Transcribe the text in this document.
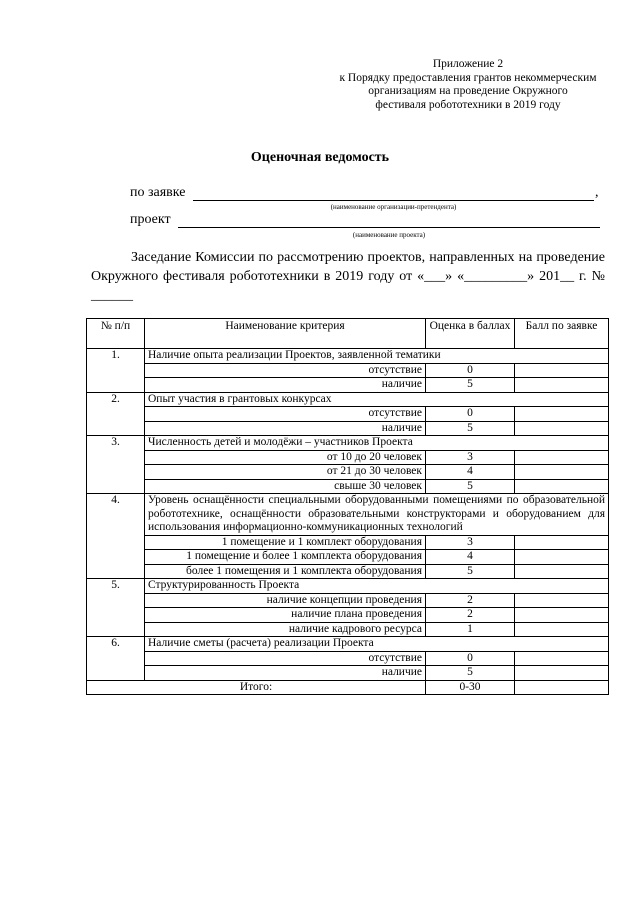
Приложение 2
к Порядку предоставления грантов некоммерческим
организациям на проведение Окружного
фестиваля робототехники в 2019 году
Оценочная ведомость
по заявке	,
(наименование организации-претендента)
проект
(наименование проекта)
Заседание Комиссии по рассмотрению проектов, направленных на проведение Окружного фестиваля робототехники в 2019 году от «___» «_________» 201__ г. № ______
№ п/п	Наименование критерия	Оценка в баллах	Балл по заявке
1.	Наличие опыта реализации Проектов, заявленной тематики		
	отсутствие	0	
	наличие	5	
2.	Опыт участия в грантовых конкурсах		
	отсутствие	0	
	наличие	5	
3.	Численность детей и молодёжи – участников Проекта		
	от 10 до 20 человек	3	
	от 21 до 30 человек	4	
	свыше 30 человек	5	
4.	Уровень оснащённости специальными оборудованными помещениями по образовательной робототехнике, оснащённости образовательными конструкторами и оборудованием для использования информационно-коммуникационных технологий		
	1 помещение и 1 комплект оборудования	3	
	1 помещение и более 1 комплекта оборудования	4	
	более 1 помещения и 1 комплекта оборудования	5	
5.	Структурированность Проекта		
	наличие концепции проведения	2	
	наличие плана проведения	2	
	наличие кадрового ресурса	1	
6.	Наличие сметы (расчета) реализации Проекта		
	отсутствие	0	
	наличие	5	
Итого:		0-30	
